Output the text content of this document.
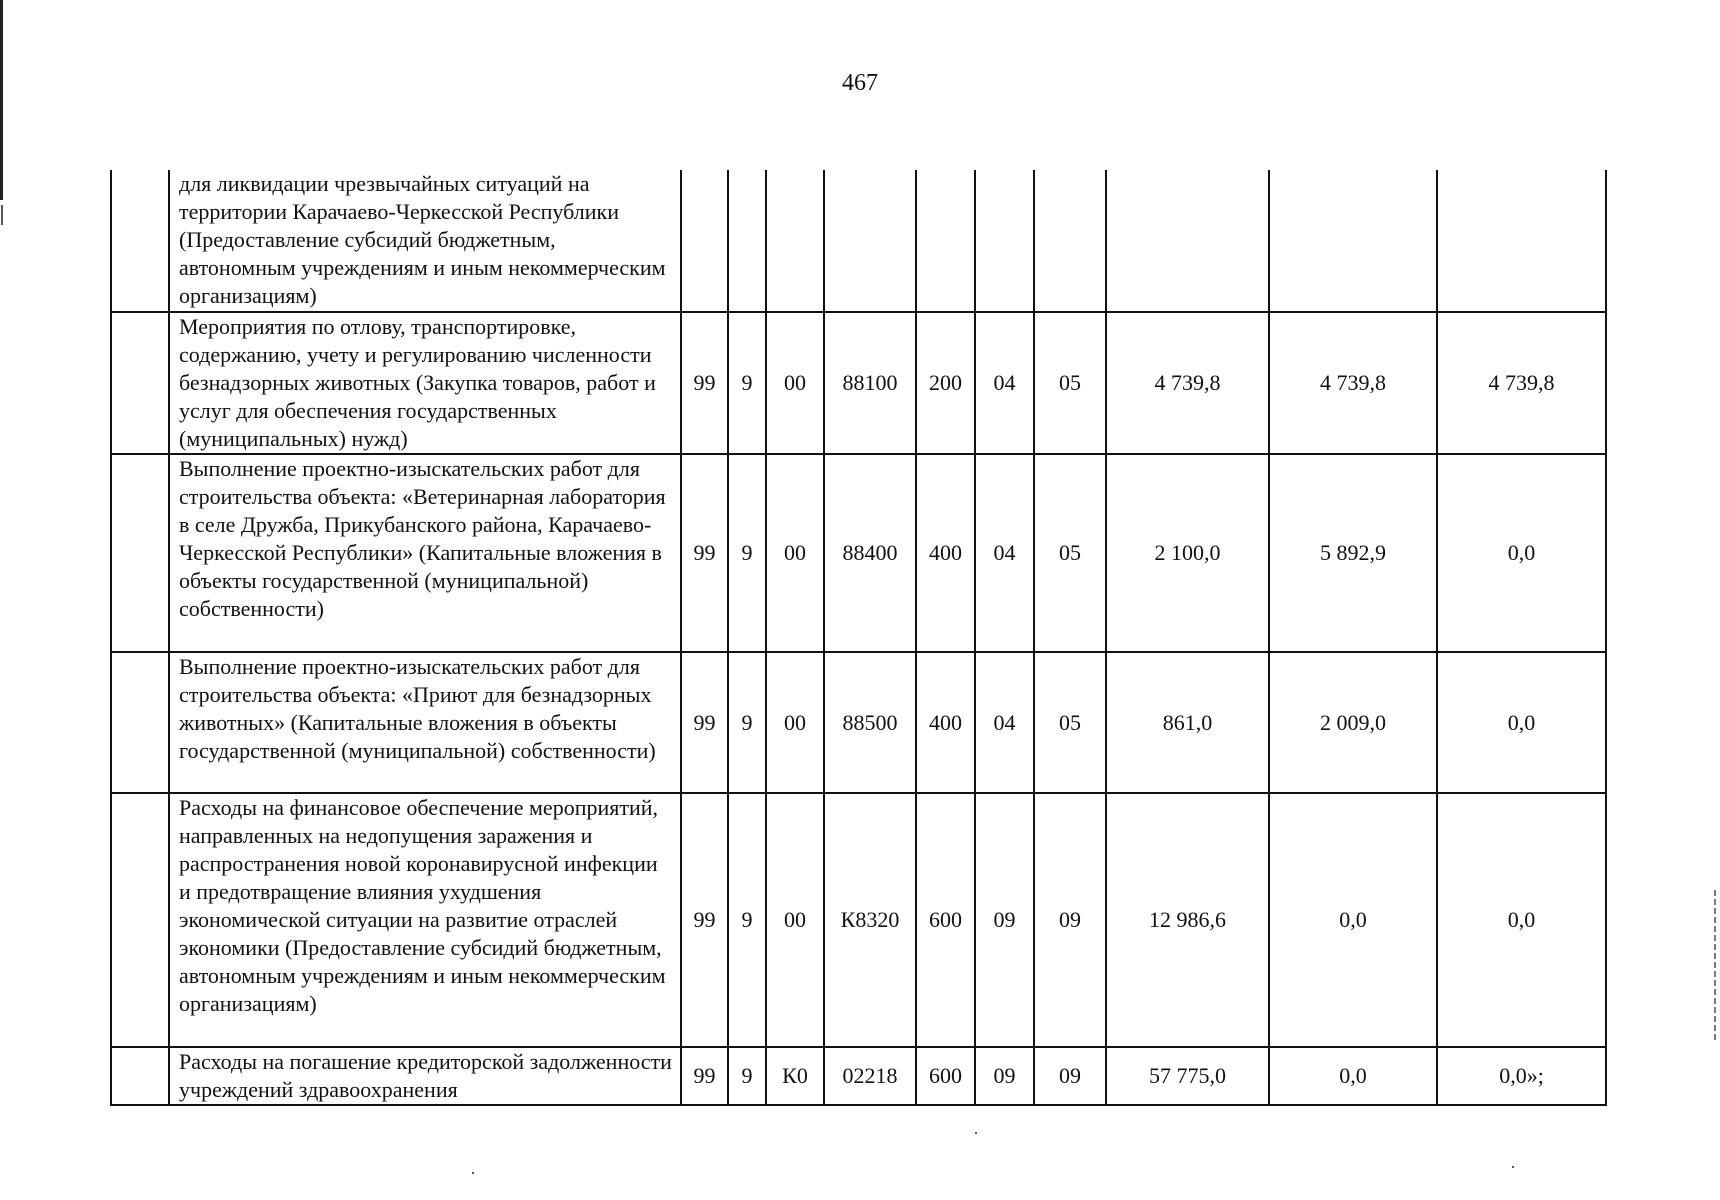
467
	для ликвидации чрезвычайных ситуаций на территории Карачаево-Черкесской Республики (Предоставление субсидий бюджетным, автономным учреждениям и иным некоммерческим организациям)										
	Мероприятия по отлову, транспортировке, содержанию, учету и регулированию численности безнадзорных животных (Закупка товаров, работ и услуг для обеспечения государственных (муниципальных) нужд)	99	9	00	88100	200	04	05	4 739,8	4 739,8	4 739,8
	Выполнение проектно-изыскательских работ для строительства объекта: «Ветеринарная лаборатория в селе Дружба, Прикубанского района, Карачаево-Черкесской Республики» (Капитальные вложения в объекты государственной (муниципальной) собственности)	99	9	00	88400	400	04	05	2 100,0	5 892,9	0,0
	Выполнение проектно-изыскательских работ для строительства объекта: «Приют для безнадзорных животных» (Капитальные вложения в объекты государственной (муниципальной) собственности)	99	9	00	88500	400	04	05	861,0	2 009,0	0,0
	Расходы на финансовое обеспечение мероприятий, направленных на недопущения заражения и распространения новой коронавирусной инфекции и предотвращение влияния ухудшения экономической ситуации на развитие отраслей экономики (Предоставление субсидий бюджетным, автономным учреждениям и иным некоммерческим организациям)	99	9	00	К8320	600	09	09	12 986,6	0,0	0,0
	Расходы на погашение кредиторской задолженности учреждений здравоохранения	99	9	К0	02218	600	09	09	57 775,0	0,0	0,0»;
